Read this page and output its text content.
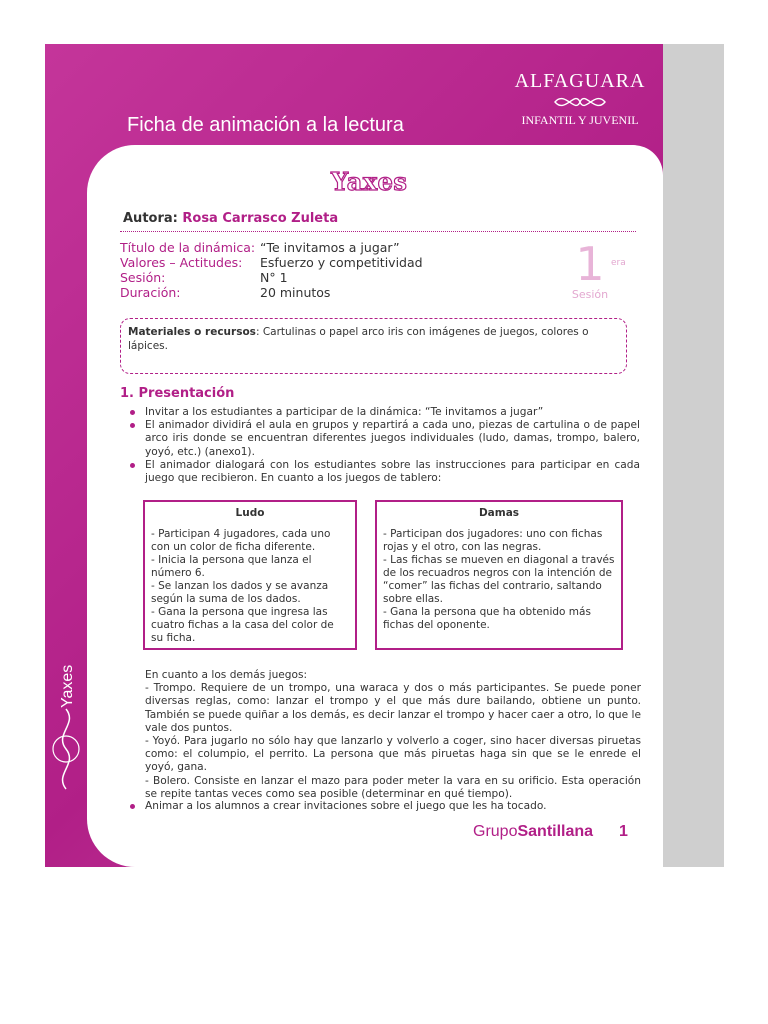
Ficha de animación a la lectura
ALFAGUARA
INFANTIL Y JUVENIL
Yaxes
Yaxes
Autora: Rosa Carrasco Zuleta
Título de la dinámica: “Te invitamos a jugar”
Valores – Actitudes: Esfuerzo y competitividad
Sesión:	N° 1
Duración:	20 minutos
1 era
Sesión
Materiales o recursos: Cartulinas o papel arco iris con imágenes de juegos, colores o lápices.
1. Presentación
Invitar a los estudiantes a participar de la dinámica: “Te invitamos a jugar”
El animador dividirá el aula en grupos y repartirá a cada uno, piezas de cartulina o de papel arco iris donde se encuentran diferentes juegos individuales (ludo, damas, trompo, balero, yoyó, etc.) (anexo1).
El animador dialogará con los estudiantes sobre las instrucciones para participar en cada juego que recibieron. En cuanto a los juegos de tablero:
Ludo
- Participan 4 jugadores, cada uno con un color de ficha diferente.
- Inicia la persona que lanza el número 6.
- Se lanzan los dados y se avanza según la suma de los dados.
- Gana la persona que ingresa las cuatro fichas a la casa del color de su ficha.
Damas
- Participan dos jugadores: uno con fichas rojas y el otro, con las negras.
- Las fichas se mueven en diagonal a través de los recuadros negros con la intención de “comer” las fichas del contrario, saltando sobre ellas.
- Gana la persona que ha obtenido más fichas del oponente.
En cuanto a los demás juegos:
- Trompo. Requiere de un trompo, una waraca y dos o más participantes. Se puede poner diversas reglas, como: lanzar el trompo y el que más dure bailando, obtiene un punto. También se puede quiñar a los demás, es decir lanzar el trompo y hacer caer a otro, lo que le vale dos puntos.
- Yoyó. Para jugarlo no sólo hay que lanzarlo y volverlo a coger, sino hacer diversas piruetas como: el columpio, el perrito. La persona que más piruetas haga sin que se le enrede el yoyó, gana.
- Bolero. Consiste en lanzar el mazo para poder meter la vara en su orificio. Esta operación se repite tantas veces como sea posible (determinar en qué tiempo).
Animar a los alumnos a crear invitaciones sobre el juego que les ha tocado.
GrupoSantillana 1
